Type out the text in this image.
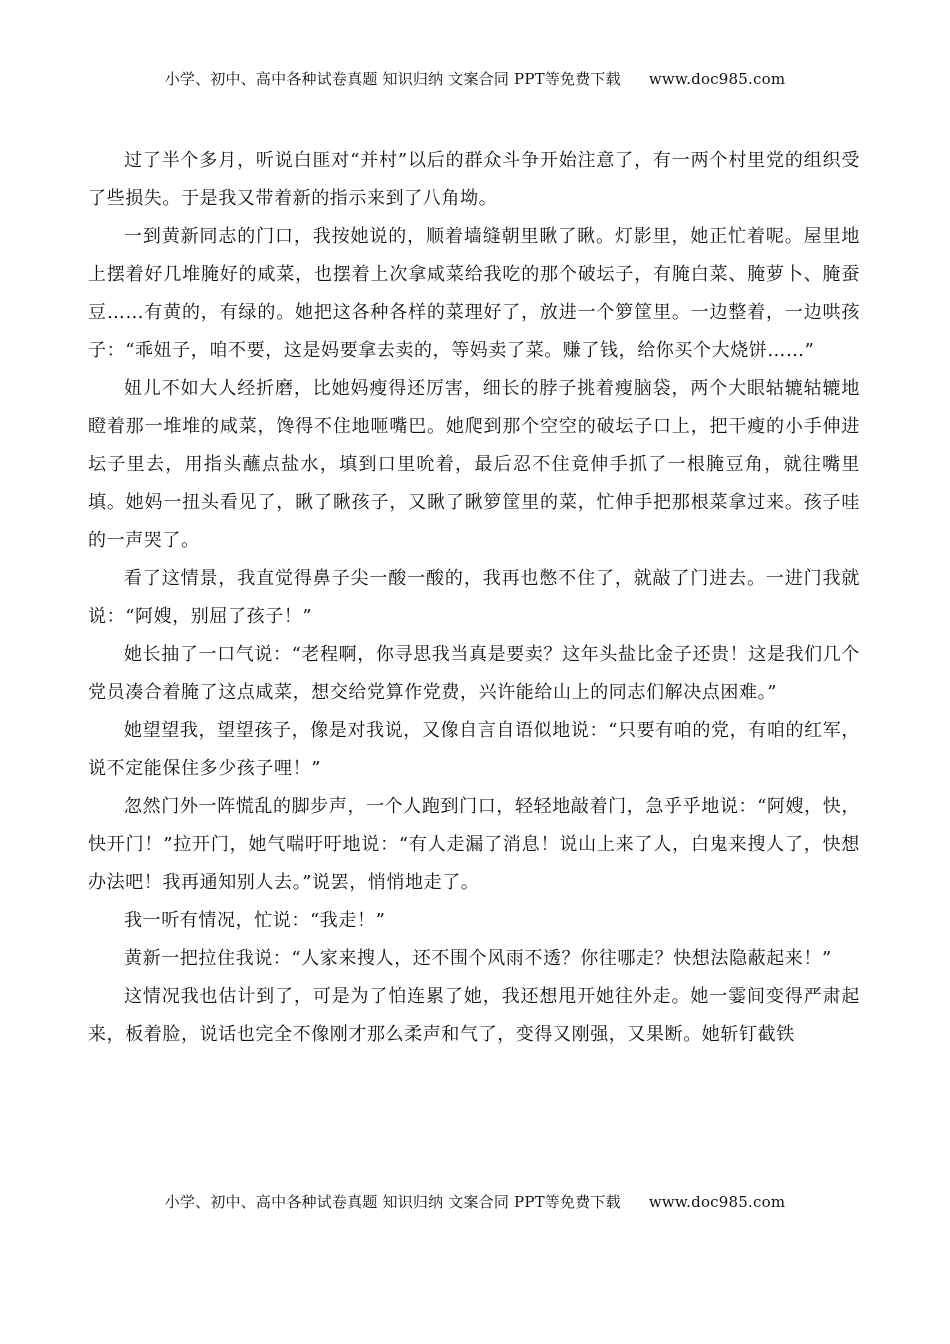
小学、初中、高中各种试卷真题 知识归纳 文案合同 PPT等免费下载 www.doc985.com

过了半个多月，听说白匪对“并村”以后的群众斗争开始注意了，有一两个村里党的组织受了些损失。于是我又带着新的指示来到了八角坳。

一到黄新同志的门口，我按她说的，顺着墙缝朝里瞅了瞅。灯影里，她正忙着呢。屋里地上摆着好几堆腌好的咸菜，也摆着上次拿咸菜给我吃的那个破坛子，有腌白菜、腌萝卜、腌蚕豆……有黄的，有绿的。她把这各种各样的菜理好了，放进一个箩筐里。一边整着，一边哄孩子：“乖妞子，咱不要，这是妈要拿去卖的，等妈卖了菜。赚了钱，给你买个大烧饼……”

妞儿不如大人经折磨，比她妈瘦得还厉害，细长的脖子挑着瘦脑袋，两个大眼轱辘轱辘地瞪着那一堆堆的咸菜，馋得不住地咂嘴巴。她爬到那个空空的破坛子口上，把干瘦的小手伸进坛子里去，用指头蘸点盐水，填到口里吮着，最后忍不住竟伸手抓了一根腌豆角，就往嘴里填。她妈一扭头看见了，瞅了瞅孩子，又瞅了瞅箩筐里的菜，忙伸手把那根菜拿过来。孩子哇的一声哭了。

看了这情景，我直觉得鼻子尖一酸一酸的，我再也憋不住了，就敲了门进去。一进门我就说：“阿嫂，别屈了孩子！”

她长抽了一口气说：“老程啊，你寻思我当真是要卖？这年头盐比金子还贵！这是我们几个党员凑合着腌了这点咸菜，想交给党算作党费，兴许能给山上的同志们解决点困难。”

她望望我，望望孩子，像是对我说，又像自言自语似地说：“只要有咱的党，有咱的红军，说不定能保住多少孩子哩！”

忽然门外一阵慌乱的脚步声，一个人跑到门口，轻轻地敲着门，急乎乎地说：“阿嫂，快，快开门！”拉开门，她气喘吁吁地说：“有人走漏了消息！说山上来了人，白鬼来搜人了，快想办法吧！我再通知别人去。”说罢，悄悄地走了。

我一听有情况，忙说：“我走！”

黄新一把拉住我说：“人家来搜人，还不围个风雨不透？你往哪走？快想法隐蔽起来！”

这情况我也估计到了，可是为了怕连累了她，我还想甩开她往外走。她一霎间变得严肃起来，板着脸，说话也完全不像刚才那么柔声和气了，变得又刚强，又果断。她斩钉截铁

小学、初中、高中各种试卷真题 知识归纳 文案合同 PPT等免费下载 www.doc985.com
